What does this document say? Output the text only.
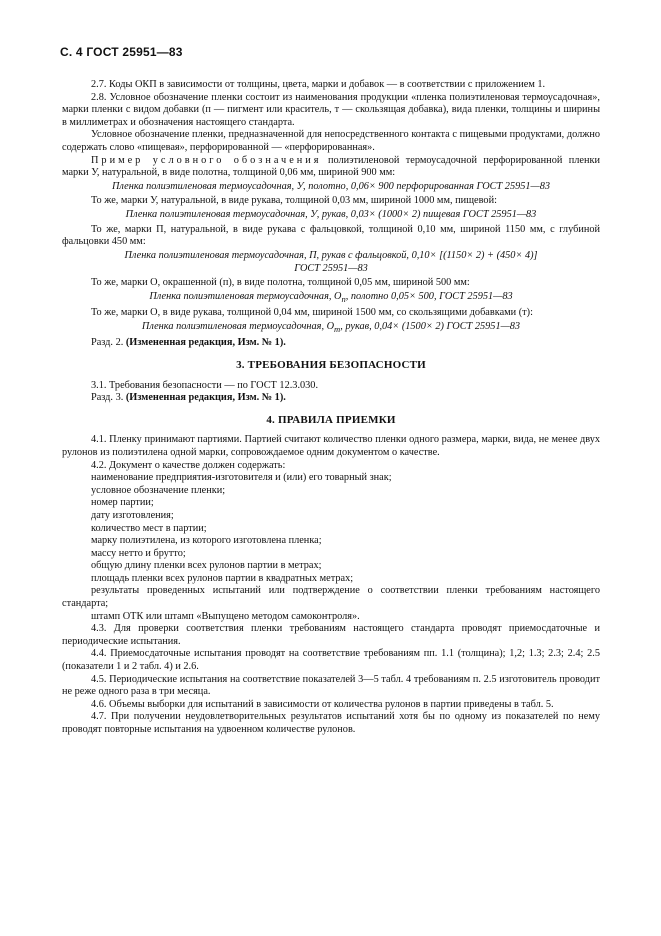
С. 4 ГОСТ 25951—83

2.7. Коды ОКП в зависимости от толщины, цвета, марки и добавок — в соответствии с приложением 1.

2.8. Условное обозначение пленки состоит из наименования продукции «пленка полиэтиленовая термоусадочная», марки пленки с видом добавки (п — пигмент или краситель, т — скользящая добавка), вида пленки, толщины и ширины в миллиметрах и обозначения настоящего стандарта.

Условное обозначение пленки, предназначенной для непосредственного контакта с пищевыми продуктами, должно содержать слово «пищевая», перфорированной — «перфорированная».

Пример условного обозначения полиэтиленовой термоусадочной перфорированной пленки марки У, натуральной, в виде полотна, толщиной 0,06 мм, шириной 900 мм:

Пленка полиэтиленовая термоусадочная, У, полотно, 0,06× 900 перфорированная ГОСТ 25951—83

То же, марки У, натуральной, в виде рукава, толщиной 0,03 мм, шириной 1000 мм, пищевой:

Пленка полиэтиленовая термоусадочная, У, рукав, 0,03× (1000× 2) пищевая ГОСТ 25951—83

То же, марки П, натуральной, в виде рукава с фальцовкой, толщиной 0,10 мм, шириной 1150 мм, с глубиной фальцовки 450 мм:

Пленка полиэтиленовая термоусадочная, П, рукав с фальцовкой, 0,10× [(1150× 2) + (450× 4)]

ГОСТ 25951—83

То же, марки О, окрашенной (п), в виде полотна, толщиной 0,05 мм, шириной 500 мм:

Пленка полиэтиленовая термоусадочная, $О_п$, полотно 0,05× 500, ГОСТ 25951—83

То же, марки О, в виде рукава, толщиной 0,04 мм, шириной 1500 мм, со скользящими добавками (т):

Пленка полиэтиленовая термоусадочная, $О_т$, рукав, 0,04× (1500× 2) ГОСТ 25951—83

Разд. 2. (Измененная редакция, Изм. № 1).

3. ТРЕБОВАНИЯ БЕЗОПАСНОСТИ

3.1. Требования безопасности — по ГОСТ 12.3.030.

Разд. 3. (Измененная редакция, Изм. № 1).

4. ПРАВИЛА ПРИЕМКИ

4.1. Пленку принимают партиями. Партией считают количество пленки одного размера, марки, вида, не менее двух рулонов из полиэтилена одной марки, сопровождаемое одним документом о качестве.

4.2. Документ о качестве должен содержать:

наименование предприятия-изготовителя и (или) его товарный знак;

условное обозначение пленки;

номер партии;

дату изготовления;

количество мест в партии;

марку полиэтилена, из которого изготовлена пленка;

массу нетто и брутто;

общую длину пленки всех рулонов партии в метрах;

площадь пленки всех рулонов партии в квадратных метрах;

результаты проведенных испытаний или подтверждение о соответствии пленки требованиям настоящего стандарта;

штамп ОТК или штамп «Выпущено методом самоконтроля».

4.3. Для проверки соответствия пленки требованиям настоящего стандарта проводят приемосдаточные и периодические испытания.

4.4. Приемосдаточные испытания проводят на соответствие требованиям пп. 1.1 (толщина); 1,2; 1.3; 2.3; 2.4; 2.5 (показатели 1 и 2 табл. 4) и 2.6.

4.5. Периодические испытания на соответствие показателей 3—5 табл. 4 требованиям п. 2.5 изготовитель проводит не реже одного раза в три месяца.

4.6. Объемы выборки для испытаний в зависимости от количества рулонов в партии приведены в табл. 5.

4.7. При получении неудовлетворительных результатов испытаний хотя бы по одному из показателей по нему проводят повторные испытания на удвоенном количестве рулонов.
